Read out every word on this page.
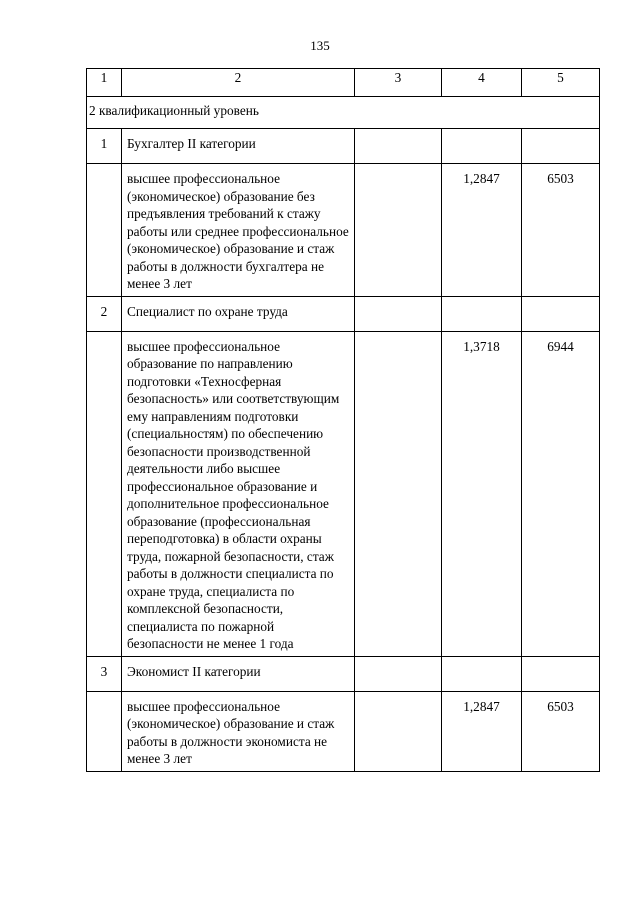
135
1	2	3	4	5
2 квалификационный уровень				
1	Бухгалтер II категории			
	высшее профессиональное (экономическое) образование без предъявления требований к стажу работы или среднее профессиональное (экономическое) образование и стаж работы в должности бухгалтера не менее 3 лет		1,2847	6503
2	Специалист по охране труда			
	высшее профессиональное образование по направлению подготовки «Техносферная безопасность» или соответствующим ему направлениям подготовки (специальностям) по обеспечению безопасности производственной деятельности либо высшее профессиональное образование и дополнительное профессиональное образование (профессиональная переподготовка) в области охраны труда, пожарной безопасности, стаж работы в должности специалиста по охране труда, специалиста по комплексной безопасности, специалиста по пожарной безопасности не менее 1 года		1,3718	6944
3	Экономист II категории			
	высшее профессиональное (экономическое) образование и стаж работы в должности экономиста не менее 3 лет		1,2847	6503
